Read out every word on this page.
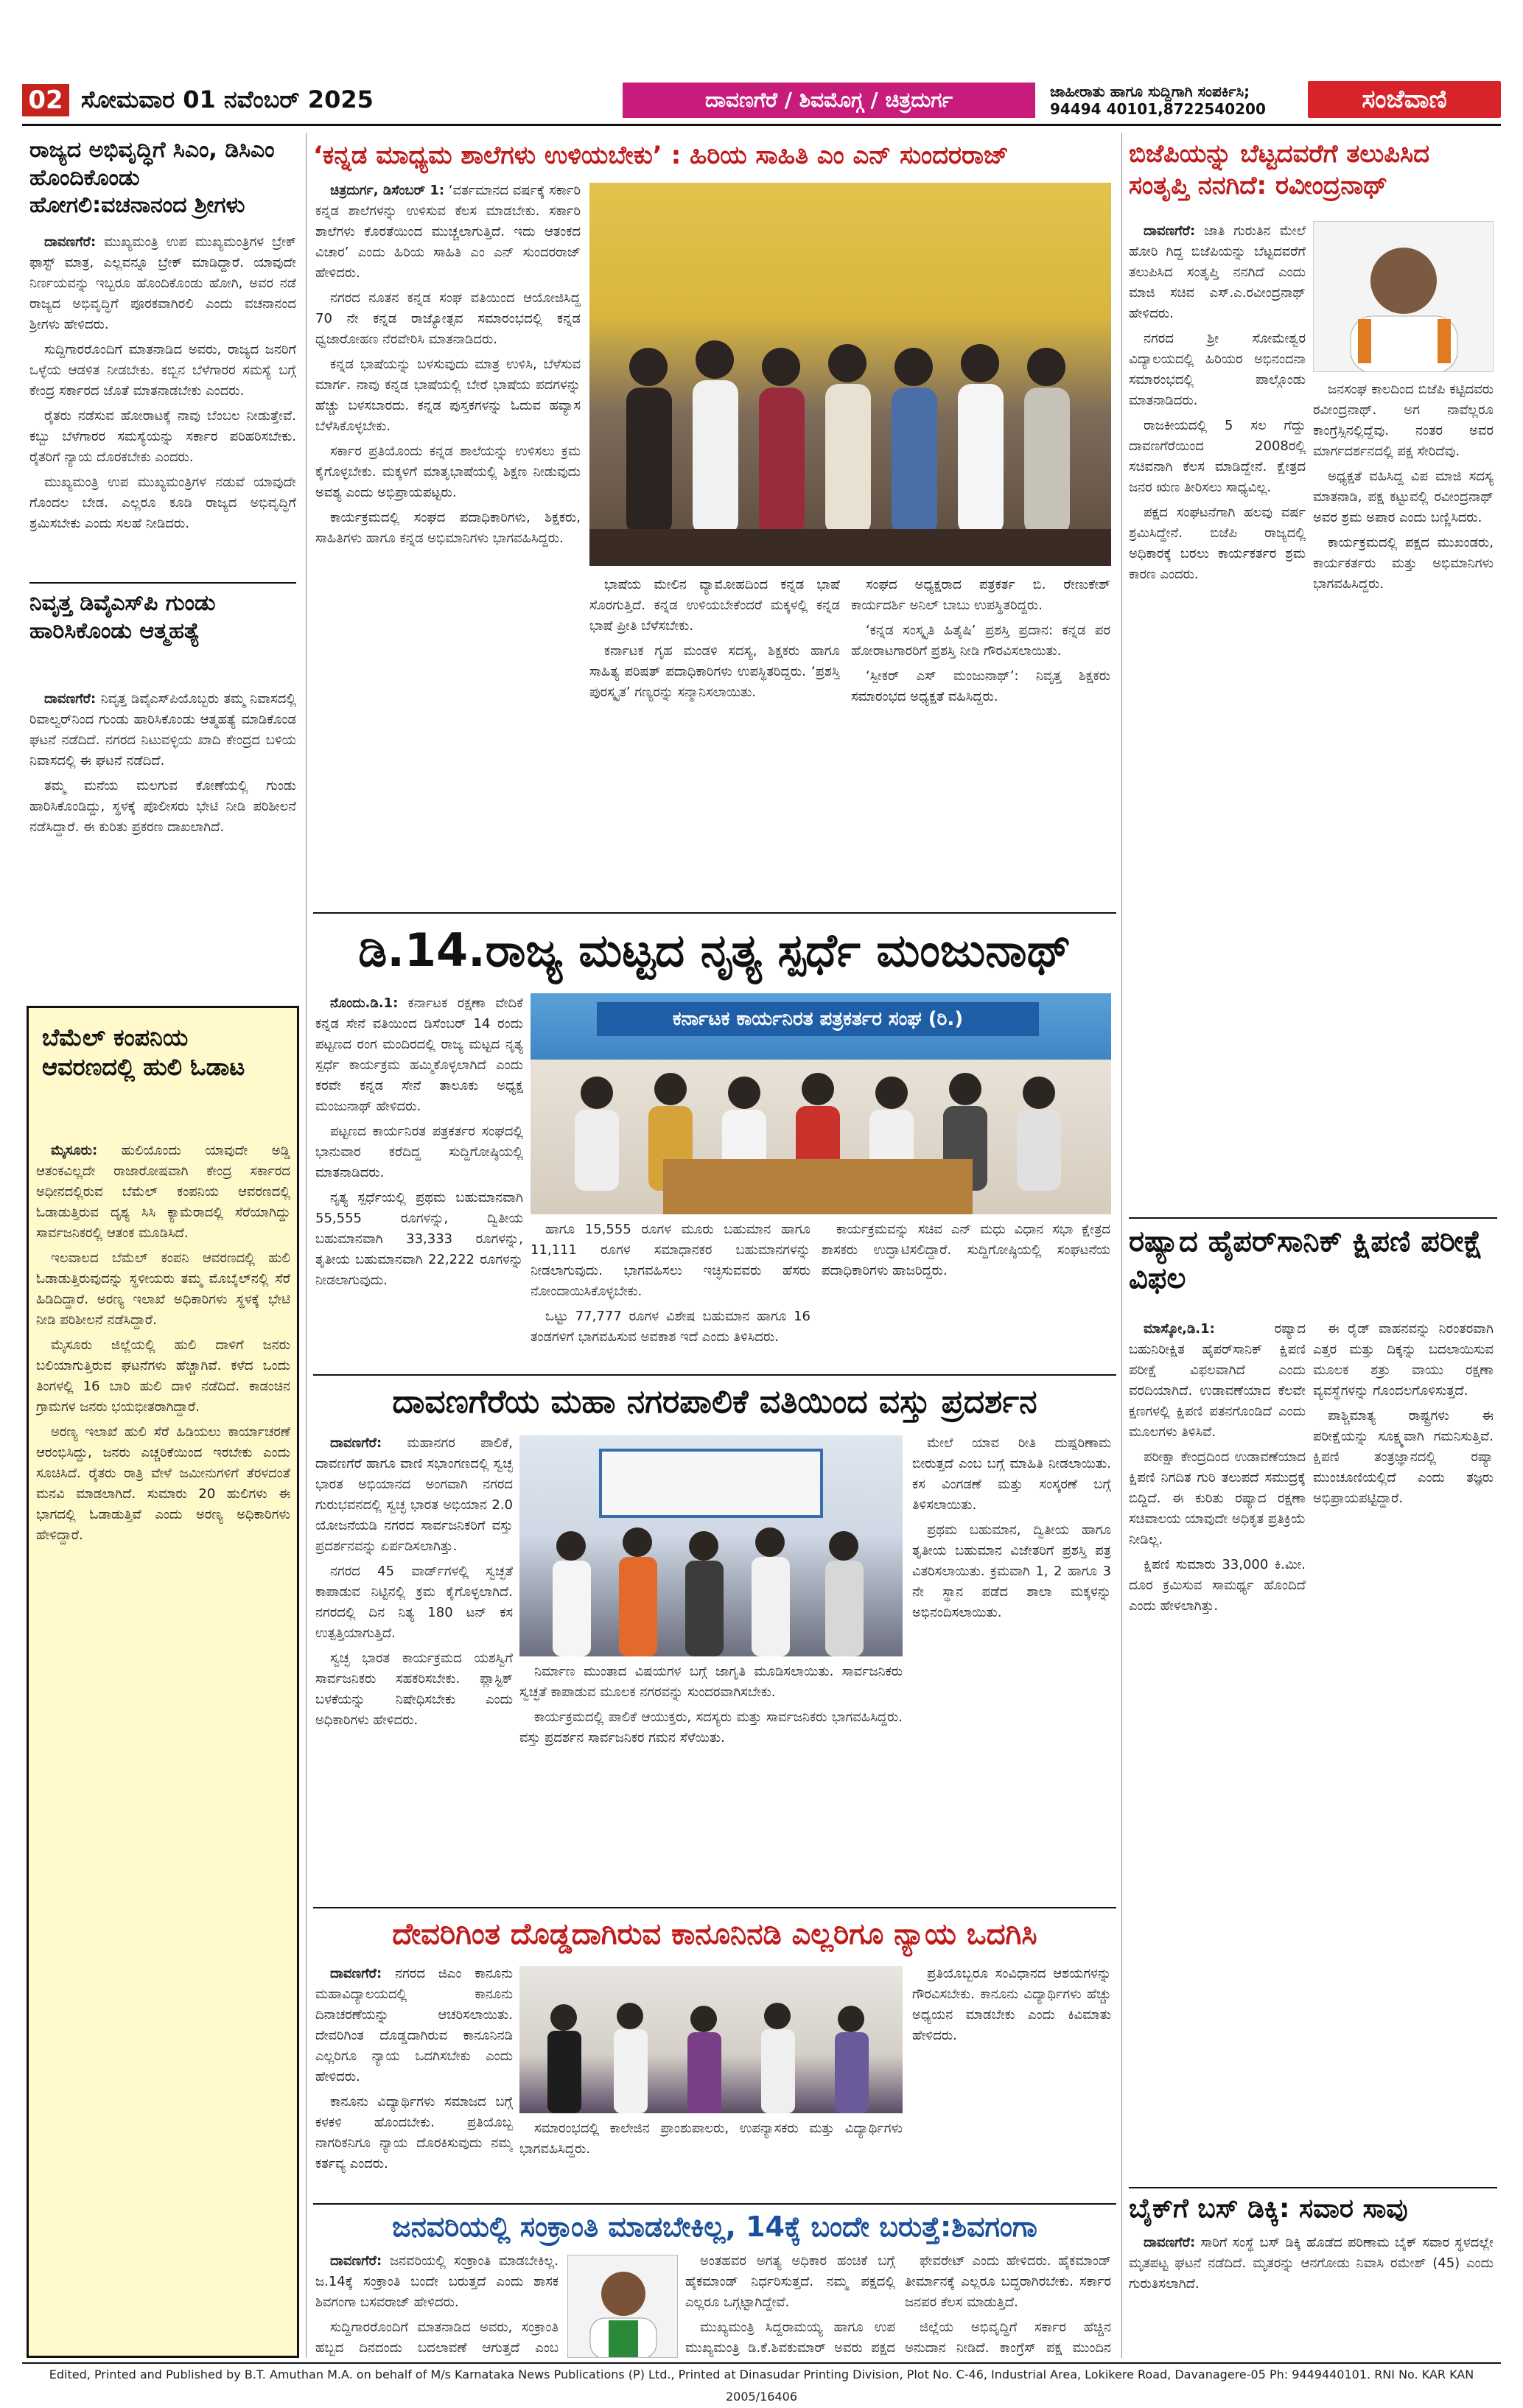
02 ಸೋಮವಾರ 01 ನವೆಂಬರ್ 2025	ದಾವಣಗೆರೆ / ಶಿವಮೊಗ್ಗ / ಚಿತ್ರದುರ್ಗ	ಜಾಹೀರಾತು ಹಾಗೂ ಸುದ್ದಿಗಾಗಿ ಸಂಪರ್ಕಿಸಿ;
94494 40101,8722540200	ಸಂಜೆವಾಣಿ
ರಾಜ್ಯದ ಅಭಿವೃದ್ಧಿಗೆ ಸಿಎಂ, ಡಿಸಿಎಂ ಹೊಂದಿಕೊಂಡು ಹೋಗಲಿ:ವಚನಾನಂದ ಶ್ರೀಗಳು

ದಾವಣಗೆರೆ: ಮುಖ್ಯಮಂತ್ರಿ ಉಪ ಮುಖ್ಯಮಂತ್ರಿಗಳ ಬ್ರೇಕ್ ಫಾಸ್ಟ್ ಮಾತ್ರ, ಎಲ್ಲವನ್ನೂ ಬ್ರೇಕ್ ಮಾಡಿದ್ದಾರೆ. ಯಾವುದೇ ನಿರ್ಣಯವನ್ನು ಇಬ್ಬರೂ ಹೊಂದಿಕೊಂಡು ಹೋಗಿ, ಅವರ ನಡೆ ರಾಜ್ಯದ ಅಭಿವೃದ್ಧಿಗೆ ಪೂರಕವಾಗಿರಲಿ ಎಂದು ವಚನಾನಂದ ಶ್ರೀಗಳು ಹೇಳಿದರು.

ಸುದ್ದಿಗಾರರೊಂದಿಗೆ ಮಾತನಾಡಿದ ಅವರು, ರಾಜ್ಯದ ಜನರಿಗೆ ಒಳ್ಳೆಯ ಆಡಳಿತ ನೀಡಬೇಕು. ಕಬ್ಬಿನ ಬೆಳೆಗಾರರ ಸಮಸ್ಯೆ ಬಗ್ಗೆ ಕೇಂದ್ರ ಸರ್ಕಾರದ ಜೊತೆ ಮಾತನಾಡಬೇಕು ಎಂದರು.

ರೈತರು ನಡೆಸುವ ಹೋರಾಟಕ್ಕೆ ನಾವು ಬೆಂಬಲ ನೀಡುತ್ತೇವೆ. ಕಬ್ಬು ಬೆಳೆಗಾರರ ಸಮಸ್ಯೆಯನ್ನು ಸರ್ಕಾರ ಪರಿಹರಿಸಬೇಕು. ರೈತರಿಗೆ ನ್ಯಾಯ ದೊರಕಬೇಕು ಎಂದರು.

ಮುಖ್ಯಮಂತ್ರಿ ಉಪ ಮುಖ್ಯಮಂತ್ರಿಗಳ ನಡುವೆ ಯಾವುದೇ ಗೊಂದಲ ಬೇಡ. ಎಲ್ಲರೂ ಕೂಡಿ ರಾಜ್ಯದ ಅಭಿವೃದ್ಧಿಗೆ ಶ್ರಮಿಸಬೇಕು ಎಂದು ಸಲಹೆ ನೀಡಿದರು.

ನಿವೃತ್ತ ಡಿವೈಎಸ್‌ಪಿ ಗುಂಡು ಹಾರಿಸಿಕೊಂಡು ಆತ್ಮಹತ್ಯೆ

ದಾವಣಗೆರೆ: ನಿವೃತ್ತ ಡಿವೈಎಸ್‌ಪಿಯೊಬ್ಬರು ತಮ್ಮ ನಿವಾಸದಲ್ಲಿ ರಿವಾಲ್ವರ್‌ನಿಂದ ಗುಂಡು ಹಾರಿಸಿಕೊಂಡು ಆತ್ಮಹತ್ಯೆ ಮಾಡಿಕೊಂಡ ಘಟನೆ ನಡೆದಿದೆ. ನಗರದ ನಿಟುವಳ್ಳಿಯ ಖಾದಿ ಕೇಂದ್ರದ ಬಳಿಯ ನಿವಾಸದಲ್ಲಿ ಈ ಘಟನೆ ನಡೆದಿದೆ.

ತಮ್ಮ ಮನೆಯ ಮಲಗುವ ಕೋಣೆಯಲ್ಲಿ ಗುಂಡು ಹಾರಿಸಿಕೊಂಡಿದ್ದು, ಸ್ಥಳಕ್ಕೆ ಪೊಲೀಸರು ಭೇಟಿ ನೀಡಿ ಪರಿಶೀಲನೆ ನಡೆಸಿದ್ದಾರೆ. ಈ ಕುರಿತು ಪ್ರಕರಣ ದಾಖಲಾಗಿದೆ.

ಬೆಮೆಲ್ ಕಂಪನಿಯ ಆವರಣದಲ್ಲಿ ಹುಲಿ ಓಡಾಟ

ಮೈಸೂರು: ಹುಲಿಯೊಂದು ಯಾವುದೇ ಅಡ್ಡಿ ಆತಂಕವಿಲ್ಲದೇ ರಾಜಾರೋಷವಾಗಿ ಕೇಂದ್ರ ಸರ್ಕಾರದ ಅಧೀನದಲ್ಲಿರುವ ಬೆಮೆಲ್ ಕಂಪನಿಯ ಆವರಣದಲ್ಲಿ ಓಡಾಡುತ್ತಿರುವ ದೃಶ್ಯ ಸಿಸಿ ಕ್ಯಾಮೆರಾದಲ್ಲಿ ಸೆರೆಯಾಗಿದ್ದು ಸಾರ್ವಜನಿಕರಲ್ಲಿ ಆತಂಕ ಮೂಡಿಸಿದೆ.

ಇಲವಾಲದ ಬೆಮೆಲ್ ಕಂಪನಿ ಆವರಣದಲ್ಲಿ ಹುಲಿ ಓಡಾಡುತ್ತಿರುವುದನ್ನು ಸ್ಥಳೀಯರು ತಮ್ಮ ಮೊಬೈಲ್‌ನಲ್ಲಿ ಸೆರೆ ಹಿಡಿದಿದ್ದಾರೆ. ಅರಣ್ಯ ಇಲಾಖೆ ಅಧಿಕಾರಿಗಳು ಸ್ಥಳಕ್ಕೆ ಭೇಟಿ ನೀಡಿ ಪರಿಶೀಲನೆ ನಡೆಸಿದ್ದಾರೆ.

ಮೈಸೂರು ಜಿಲ್ಲೆಯಲ್ಲಿ ಹುಲಿ ದಾಳಿಗೆ ಜನರು ಬಲಿಯಾಗುತ್ತಿರುವ ಘಟನೆಗಳು ಹೆಚ್ಚಾಗಿವೆ. ಕಳೆದ ಒಂದು ತಿಂಗಳಲ್ಲಿ 16 ಬಾರಿ ಹುಲಿ ದಾಳಿ ನಡೆದಿದೆ. ಕಾಡಂಚಿನ ಗ್ರಾಮಗಳ ಜನರು ಭಯಭೀತರಾಗಿದ್ದಾರೆ.

ಅರಣ್ಯ ಇಲಾಖೆ ಹುಲಿ ಸೆರೆ ಹಿಡಿಯಲು ಕಾರ್ಯಾಚರಣೆ ಆರಂಭಿಸಿದ್ದು, ಜನರು ಎಚ್ಚರಿಕೆಯಿಂದ ಇರಬೇಕು ಎಂದು ಸೂಚಿಸಿದೆ. ರೈತರು ರಾತ್ರಿ ವೇಳೆ ಜಮೀನುಗಳಿಗೆ ತೆರಳದಂತೆ ಮನವಿ ಮಾಡಲಾಗಿದೆ. ಸುಮಾರು 20 ಹುಲಿಗಳು ಈ ಭಾಗದಲ್ಲಿ ಓಡಾಡುತ್ತಿವೆ ಎಂದು ಅರಣ್ಯ ಅಧಿಕಾರಿಗಳು ಹೇಳಿದ್ದಾರೆ.

‘ಕನ್ನಡ ಮಾಧ್ಯಮ ಶಾಲೆಗಳು ಉಳಿಯಬೇಕು’ : ಹಿರಿಯ ಸಾಹಿತಿ ಎಂ ಎನ್ ಸುಂದರರಾಜ್

ಚಿತ್ರದುರ್ಗ, ಡಿಸೆಂಬರ್ 1: ‘ವರ್ತಮಾನದ ವರ್ಷಕ್ಕೆ ಸರ್ಕಾರಿ ಕನ್ನಡ ಶಾಲೆಗಳನ್ನು ಉಳಿಸುವ ಕೆಲಸ ಮಾಡಬೇಕು. ಸರ್ಕಾರಿ ಶಾಲೆಗಳು ಕೊರತೆಯಿಂದ ಮುಚ್ಚಲಾಗುತ್ತಿದೆ. ಇದು ಆತಂಕದ ವಿಚಾರ’ ಎಂದು ಹಿರಿಯ ಸಾಹಿತಿ ಎಂ ಎನ್ ಸುಂದರರಾಜ್ ಹೇಳಿದರು.

ನಗರದ ನೂತನ ಕನ್ನಡ ಸಂಘ ವತಿಯಿಂದ ಆಯೋಜಿಸಿದ್ದ 70 ನೇ ಕನ್ನಡ ರಾಜ್ಯೋತ್ಸವ ಸಮಾರಂಭದಲ್ಲಿ ಕನ್ನಡ ಧ್ವಜಾರೋಹಣ ನೆರವೇರಿಸಿ ಮಾತನಾಡಿದರು.

ಕನ್ನಡ ಭಾಷೆಯನ್ನು ಬಳಸುವುದು ಮಾತ್ರ ಉಳಿಸಿ, ಬೆಳೆಸುವ ಮಾರ್ಗ. ನಾವು ಕನ್ನಡ ಭಾಷೆಯಲ್ಲಿ ಬೇರೆ ಭಾಷೆಯ ಪದಗಳನ್ನು ಹೆಚ್ಚು ಬಳಸಬಾರದು. ಕನ್ನಡ ಪುಸ್ತಕಗಳನ್ನು ಓದುವ ಹವ್ಯಾಸ ಬೆಳೆಸಿಕೊಳ್ಳಬೇಕು.

ಸರ್ಕಾರ ಪ್ರತಿಯೊಂದು ಕನ್ನಡ ಶಾಲೆಯನ್ನು ಉಳಿಸಲು ಕ್ರಮ ಕೈಗೊಳ್ಳಬೇಕು. ಮಕ್ಕಳಿಗೆ ಮಾತೃಭಾಷೆಯಲ್ಲಿ ಶಿಕ್ಷಣ ನೀಡುವುದು ಅವಶ್ಯ ಎಂದು ಅಭಿಪ್ರಾಯಪಟ್ಟರು.

ಕಾರ್ಯಕ್ರಮದಲ್ಲಿ ಸಂಘದ ಪದಾಧಿಕಾರಿಗಳು, ಶಿಕ್ಷಕರು, ಸಾಹಿತಿಗಳು ಹಾಗೂ ಕನ್ನಡ ಅಭಿಮಾನಿಗಳು ಭಾಗವಹಿಸಿದ್ದರು.

ಭಾಷೆಯ ಮೇಲಿನ ವ್ಯಾಮೋಹದಿಂದ ಕನ್ನಡ ಭಾಷೆ ಸೊರಗುತ್ತಿದೆ. ಕನ್ನಡ ಉಳಿಯಬೇಕೆಂದರೆ ಮಕ್ಕಳಲ್ಲಿ ಕನ್ನಡ ಭಾಷೆ ಪ್ರೀತಿ ಬೆಳೆಸಬೇಕು.

ಕರ್ನಾಟಕ ಗೃಹ ಮಂಡಳಿ ಸದಸ್ಯ, ಶಿಕ್ಷಕರು ಹಾಗೂ ಸಾಹಿತ್ಯ ಪರಿಷತ್ ಪದಾಧಿಕಾರಿಗಳು ಉಪಸ್ಥಿತರಿದ್ದರು. ‘ಪ್ರಶಸ್ತಿ ಪುರಸ್ಕೃತ’ ಗಣ್ಯರನ್ನು ಸನ್ಮಾನಿಸಲಾಯಿತು.

ಸಂಘದ ಅಧ್ಯಕ್ಷರಾದ ಪತ್ರಕರ್ತ ಬಿ. ರೇಣುಕೇಶ್ ಕಾರ್ಯದರ್ಶಿ ಅನಿಲ್ ಬಾಬು ಉಪಸ್ಥಿತರಿದ್ದರು.

‘ಕನ್ನಡ ಸಂಸ್ಕೃತಿ ಹಿತೈಷಿ’ ಪ್ರಶಸ್ತಿ ಪ್ರದಾನ: ಕನ್ನಡ ಪರ ಹೋರಾಟಗಾರರಿಗೆ ಪ್ರಶಸ್ತಿ ನೀಡಿ ಗೌರವಿಸಲಾಯಿತು.

‘ಸ್ಪೀಕರ್ ಎಸ್ ಮಂಜುನಾಥ್’: ನಿವೃತ್ತ ಶಿಕ್ಷಕರು ಸಮಾರಂಭದ ಅಧ್ಯಕ್ಷತೆ ವಹಿಸಿದ್ದರು.

ಡಿ.14.ರಾಜ್ಯ ಮಟ್ಟದ ನೃತ್ಯ ಸ್ಪರ್ಧೆ ಮಂಜುನಾಥ್

ನೊಂದು.ಡಿ.1: ಕರ್ನಾಟಕ ರಕ್ಷಣಾ ವೇದಿಕೆ ಕನ್ನಡ ಸೇನೆ ವತಿಯಿಂದ ಡಿಸೆಂಬರ್ 14 ರಂದು ಪಟ್ಟಣದ ರಂಗ ಮಂದಿರದಲ್ಲಿ ರಾಜ್ಯ ಮಟ್ಟದ ನೃತ್ಯ ಸ್ಪರ್ಧೆ ಕಾರ್ಯಕ್ರಮ ಹಮ್ಮಿಕೊಳ್ಳಲಾಗಿದೆ ಎಂದು ಕರವೇ ಕನ್ನಡ ಸೇನೆ ತಾಲೂಕು ಅಧ್ಯಕ್ಷ ಮಂಜುನಾಥ್ ಹೇಳಿದರು.

ಪಟ್ಟಣದ ಕಾರ್ಯನಿರತ ಪತ್ರಕರ್ತರ ಸಂಘದಲ್ಲಿ ಭಾನುವಾರ ಕರೆದಿದ್ದ ಸುದ್ದಿಗೋಷ್ಠಿಯಲ್ಲಿ ಮಾತನಾಡಿದರು.

ನೃತ್ಯ ಸ್ಪರ್ಧೆಯಲ್ಲಿ ಪ್ರಥಮ ಬಹುಮಾನವಾಗಿ 55,555 ರೂಗಳನ್ನು, ದ್ವಿತೀಯ ಬಹುಮಾನವಾಗಿ 33,333 ರೂಗಳನ್ನು, ತೃತೀಯ ಬಹುಮಾನವಾಗಿ 22,222 ರೂಗಳನ್ನು ನೀಡಲಾಗುವುದು.

ಕರ್ನಾಟಕ ಕಾರ್ಯನಿರತ ಪತ್ರಕರ್ತರ ಸಂಘ (ರಿ.)

ಹಾಗೂ 15,555 ರೂಗಳ ಮೂರು ಬಹುಮಾನ ಹಾಗೂ 11,111 ರೂಗಳ ಸಮಾಧಾನಕರ ಬಹುಮಾನಗಳನ್ನು ನೀಡಲಾಗುವುದು. ಭಾಗವಹಿಸಲು ಇಚ್ಛಿಸುವವರು ಹೆಸರು ನೋಂದಾಯಿಸಿಕೊಳ್ಳಬೇಕು.

ಒಟ್ಟು 77,777 ರೂಗಳ ವಿಶೇಷ ಬಹುಮಾನ ಹಾಗೂ 16 ತಂಡಗಳಿಗೆ ಭಾಗವಹಿಸುವ ಅವಕಾಶ ಇದೆ ಎಂದು ತಿಳಿಸಿದರು.

ಕಾರ್ಯಕ್ರಮವನ್ನು ಸಚಿವ ಎನ್ ಮಧು ವಿಧಾನ ಸಭಾ ಕ್ಷೇತ್ರದ ಶಾಸಕರು ಉದ್ಘಾಟಿಸಲಿದ್ದಾರೆ. ಸುದ್ದಿಗೋಷ್ಠಿಯಲ್ಲಿ ಸಂಘಟನೆಯ ಪದಾಧಿಕಾರಿಗಳು ಹಾಜರಿದ್ದರು.

ದಾವಣಗೆರೆಯ ಮಹಾ ನಗರಪಾಲಿಕೆ ವತಿಯಿಂದ ವಸ್ತು ಪ್ರದರ್ಶನ

ದಾವಣಗೆರೆ: ಮಹಾನಗರ ಪಾಲಿಕೆ, ದಾವಣಗೆರೆ ಹಾಗೂ ವಾಣಿ ಸಭಾಂಗಣದಲ್ಲಿ ಸ್ವಚ್ಛ ಭಾರತ ಅಭಿಯಾನದ ಅಂಗವಾಗಿ ನಗರದ ಗುರುಭವನದಲ್ಲಿ ಸ್ವಚ್ಛ ಭಾರತ ಅಭಿಯಾನ 2.0 ಯೋಜನೆಯಡಿ ನಗರದ ಸಾರ್ವಜನಿಕರಿಗೆ ವಸ್ತು ಪ್ರದರ್ಶನವನ್ನು ಏರ್ಪಡಿಸಲಾಗಿತ್ತು.

ನಗರದ 45 ವಾರ್ಡ್‌ಗಳಲ್ಲಿ ಸ್ವಚ್ಛತೆ ಕಾಪಾಡುವ ನಿಟ್ಟಿನಲ್ಲಿ ಕ್ರಮ ಕೈಗೊಳ್ಳಲಾಗಿದೆ. ನಗರದಲ್ಲಿ ದಿನ ನಿತ್ಯ 180 ಟನ್ ಕಸ ಉತ್ಪತ್ತಿಯಾಗುತ್ತಿದೆ.

ಸ್ವಚ್ಛ ಭಾರತ ಕಾರ್ಯಕ್ರಮದ ಯಶಸ್ವಿಗೆ ಸಾರ್ವಜನಿಕರು ಸಹಕರಿಸಬೇಕು. ಪ್ಲಾಸ್ಟಿಕ್ ಬಳಕೆಯನ್ನು ನಿಷೇಧಿಸಬೇಕು ಎಂದು ಅಧಿಕಾರಿಗಳು ಹೇಳಿದರು.

ನಿರ್ಮಾಣ ಮುಂತಾದ ವಿಷಯಗಳ ಬಗ್ಗೆ ಜಾಗೃತಿ ಮೂಡಿಸಲಾಯಿತು. ಸಾರ್ವಜನಿಕರು ಸ್ವಚ್ಛತೆ ಕಾಪಾಡುವ ಮೂಲಕ ನಗರವನ್ನು ಸುಂದರವಾಗಿಸಬೇಕು.

ಕಾರ್ಯಕ್ರಮದಲ್ಲಿ ಪಾಲಿಕೆ ಆಯುಕ್ತರು, ಸದಸ್ಯರು ಮತ್ತು ಸಾರ್ವಜನಿಕರು ಭಾಗವಹಿಸಿದ್ದರು. ವಸ್ತು ಪ್ರದರ್ಶನ ಸಾರ್ವಜನಿಕರ ಗಮನ ಸೆಳೆಯಿತು.

ಮೇಲೆ ಯಾವ ರೀತಿ ದುಷ್ಪರಿಣಾಮ ಬೀರುತ್ತದೆ ಎಂಬ ಬಗ್ಗೆ ಮಾಹಿತಿ ನೀಡಲಾಯಿತು. ಕಸ ವಿಂಗಡಣೆ ಮತ್ತು ಸಂಸ್ಕರಣೆ ಬಗ್ಗೆ ತಿಳಿಸಲಾಯಿತು.

ಪ್ರಥಮ ಬಹುಮಾನ, ದ್ವಿತೀಯ ಹಾಗೂ ತೃತೀಯ ಬಹುಮಾನ ವಿಜೇತರಿಗೆ ಪ್ರಶಸ್ತಿ ಪತ್ರ ವಿತರಿಸಲಾಯಿತು. ಕ್ರಮವಾಗಿ 1, 2 ಹಾಗೂ 3 ನೇ ಸ್ಥಾನ ಪಡೆದ ಶಾಲಾ ಮಕ್ಕಳನ್ನು ಅಭಿನಂದಿಸಲಾಯಿತು.

ದೇವರಿಗಿಂತ ದೊಡ್ಡದಾಗಿರುವ ಕಾನೂನಿನಡಿ ಎಲ್ಲರಿಗೂ ನ್ಯಾಯ ಒದಗಿಸಿ

ದಾವಣಗೆರೆ: ನಗರದ ಜಿಎಂ ಕಾನೂನು ಮಹಾವಿದ್ಯಾಲಯದಲ್ಲಿ ಕಾನೂನು ದಿನಾಚರಣೆಯನ್ನು ಆಚರಿಸಲಾಯಿತು. ದೇವರಿಗಿಂತ ದೊಡ್ಡದಾಗಿರುವ ಕಾನೂನಿನಡಿ ಎಲ್ಲರಿಗೂ ನ್ಯಾಯ ಒದಗಿಸಬೇಕು ಎಂದು ಹೇಳಿದರು.

ಕಾನೂನು ವಿದ್ಯಾರ್ಥಿಗಳು ಸಮಾಜದ ಬಗ್ಗೆ ಕಳಕಳಿ ಹೊಂದಬೇಕು. ಪ್ರತಿಯೊಬ್ಬ ನಾಗರಿಕನಿಗೂ ನ್ಯಾಯ ದೊರಕಿಸುವುದು ನಮ್ಮ ಕರ್ತವ್ಯ ಎಂದರು.

ಸಮಾರಂಭದಲ್ಲಿ ಕಾಲೇಜಿನ ಪ್ರಾಂಶುಪಾಲರು, ಉಪನ್ಯಾಸಕರು ಮತ್ತು ವಿದ್ಯಾರ್ಥಿಗಳು ಭಾಗವಹಿಸಿದ್ದರು.

ಪ್ರತಿಯೊಬ್ಬರೂ ಸಂವಿಧಾನದ ಆಶಯಗಳನ್ನು ಗೌರವಿಸಬೇಕು. ಕಾನೂನು ವಿದ್ಯಾರ್ಥಿಗಳು ಹೆಚ್ಚು ಅಧ್ಯಯನ ಮಾಡಬೇಕು ಎಂದು ಕಿವಿಮಾತು ಹೇಳಿದರು.

ಜನವರಿಯಲ್ಲಿ ಸಂಕ್ರಾಂತಿ ಮಾಡಬೇಕಿಲ್ಲ, 14ಕ್ಕೆ ಬಂದೇ ಬರುತ್ತೆ:ಶಿವಗಂಗಾ

ದಾವಣಗೆರೆ: ಜನವರಿಯಲ್ಲಿ ಸಂಕ್ರಾಂತಿ ಮಾಡಬೇಕಿಲ್ಲ. ಜ.14ಕ್ಕೆ ಸಂಕ್ರಾಂತಿ ಬಂದೇ ಬರುತ್ತದೆ ಎಂದು ಶಾಸಕ ಶಿವಗಂಗಾ ಬಸವರಾಜ್ ಹೇಳಿದರು.

ಸುದ್ದಿಗಾರರೊಂದಿಗೆ ಮಾತನಾಡಿದ ಅವರು, ಸಂಕ್ರಾಂತಿ ಹಬ್ಬದ ದಿನದಂದು ಬದಲಾವಣೆ ಆಗುತ್ತದೆ ಎಂಬ

ಅಂತಹವರ ಅಗತ್ಯ ಅಧಿಕಾರ ಹಂಚಿಕೆ ಬಗ್ಗೆ ಹೈಕಮಾಂಡ್ ನಿರ್ಧರಿಸುತ್ತದೆ. ನಮ್ಮ ಪಕ್ಷದಲ್ಲಿ ಎಲ್ಲರೂ ಒಗ್ಗಟ್ಟಾಗಿದ್ದೇವೆ.

ಮುಖ್ಯಮಂತ್ರಿ ಸಿದ್ದರಾಮಯ್ಯ ಹಾಗೂ ಉಪ ಮುಖ್ಯಮಂತ್ರಿ ಡಿ.ಕೆ.ಶಿವಕುಮಾರ್ ಅವರು ಪಕ್ಷದ

ಫೇವರೇಟ್ ಎಂದು ಹೇಳಿದರು. ಹೈಕಮಾಂಡ್ ತೀರ್ಮಾನಕ್ಕೆ ಎಲ್ಲರೂ ಬದ್ಧರಾಗಿರಬೇಕು. ಸರ್ಕಾರ ಜನಪರ ಕೆಲಸ ಮಾಡುತ್ತಿದೆ.

ಜಿಲ್ಲೆಯ ಅಭಿವೃದ್ಧಿಗೆ ಸರ್ಕಾರ ಹೆಚ್ಚಿನ ಅನುದಾನ ನೀಡಿದೆ. ಕಾಂಗ್ರೆಸ್ ಪಕ್ಷ ಮುಂದಿನ

ಬಿಜೆಪಿಯನ್ನು ಬೆಟ್ಟದವರೆಗೆ ತಲುಪಿಸಿದ ಸಂತೃಪ್ತಿ ನನಗಿದೆ: ರವೀಂದ್ರನಾಥ್

ದಾವಣಗೆರೆ: ಜಾತಿ ಗುರುತಿನ ಮೇಲೆ ಹೋರಿ ಗಿದ್ದ ಬಿಜೆಪಿಯನ್ನು ಬೆಟ್ಟದವರೆಗೆ ತಲುಪಿಸಿದ ಸಂತೃಪ್ತಿ ನನಗಿದೆ ಎಂದು ಮಾಜಿ ಸಚಿವ ಎಸ್.ಎ.ರವೀಂದ್ರನಾಥ್ ಹೇಳಿದರು.

ನಗರದ ಶ್ರೀ ಸೋಮೇಶ್ವರ ವಿದ್ಯಾಲಯದಲ್ಲಿ ಹಿರಿಯರ ಅಭಿನಂದನಾ ಸಮಾರಂಭದಲ್ಲಿ ಪಾಲ್ಗೊಂಡು ಮಾತನಾಡಿದರು.

ರಾಜಕೀಯದಲ್ಲಿ 5 ಸಲ ಗೆದ್ದು ದಾವಣಗೆರೆಯಿಂದ 2008ರಲ್ಲಿ ಸಚಿವನಾಗಿ ಕೆಲಸ ಮಾಡಿದ್ದೇನೆ. ಕ್ಷೇತ್ರದ ಜನರ ಋಣ ತೀರಿಸಲು ಸಾಧ್ಯವಿಲ್ಲ.

ಪಕ್ಷದ ಸಂಘಟನೆಗಾಗಿ ಹಲವು ವರ್ಷ ಶ್ರಮಿಸಿದ್ದೇನೆ. ಬಿಜೆಪಿ ರಾಜ್ಯದಲ್ಲಿ ಅಧಿಕಾರಕ್ಕೆ ಬರಲು ಕಾರ್ಯಕರ್ತರ ಶ್ರಮ ಕಾರಣ ಎಂದರು.

ಜನಸಂಘ ಕಾಲದಿಂದ ಬಿಜೆಪಿ ಕಟ್ಟಿದವರು ರವೀಂದ್ರನಾಥ್. ಅಗ ನಾವೆಲ್ಲರೂ ಕಾಂಗ್ರೆಸ್ಸಿನಲ್ಲಿದ್ದೆವು. ನಂತರ ಅವರ ಮಾರ್ಗದರ್ಶನದಲ್ಲಿ ಪಕ್ಷ ಸೇರಿದೆವು.

ಅಧ್ಯಕ್ಷತೆ ವಹಿಸಿದ್ದ ವಿಪ ಮಾಜಿ ಸದಸ್ಯ ಮಾತನಾಡಿ, ಪಕ್ಷ ಕಟ್ಟುವಲ್ಲಿ ರವೀಂದ್ರನಾಥ್ ಅವರ ಶ್ರಮ ಅಪಾರ ಎಂದು ಬಣ್ಣಿಸಿದರು.

ಕಾರ್ಯಕ್ರಮದಲ್ಲಿ ಪಕ್ಷದ ಮುಖಂಡರು, ಕಾರ್ಯಕರ್ತರು ಮತ್ತು ಅಭಿಮಾನಿಗಳು ಭಾಗವಹಿಸಿದ್ದರು.

ರಷ್ಯಾದ ಹೈಪರ್‌ಸಾನಿಕ್ ಕ್ಷಿಪಣಿ ಪರೀಕ್ಷೆ ವಿಫಲ

ಮಾಸ್ಕೋ,ಡಿ.1:	ರಷ್ಯಾದ ಬಹುನಿರೀಕ್ಷಿತ ಹೈಪರ್‌ಸಾನಿಕ್ ಕ್ಷಿಪಣಿ ಪರೀಕ್ಷೆ ವಿಫಲವಾಗಿದೆ ಎಂದು ವರದಿಯಾಗಿದೆ. ಉಡಾವಣೆಯಾದ ಕೆಲವೇ ಕ್ಷಣಗಳಲ್ಲಿ ಕ್ಷಿಪಣಿ ಪತನಗೊಂಡಿದೆ ಎಂದು ಮೂಲಗಳು ತಿಳಿಸಿವೆ.

ಪರೀಕ್ಷಾ ಕೇಂದ್ರದಿಂದ ಉಡಾವಣೆಯಾದ ಕ್ಷಿಪಣಿ ನಿಗದಿತ ಗುರಿ ತಲುಪದೆ ಸಮುದ್ರಕ್ಕೆ ಬಿದ್ದಿದೆ. ಈ ಕುರಿತು ರಷ್ಯಾದ ರಕ್ಷಣಾ ಸಚಿವಾಲಯ ಯಾವುದೇ ಅಧಿಕೃತ ಪ್ರತಿಕ್ರಿಯೆ ನೀಡಿಲ್ಲ.

ಕ್ಷಿಪಣಿ ಸುಮಾರು 33,000 ಕಿ.ಮೀ. ದೂರ ಕ್ರಮಿಸುವ ಸಾಮರ್ಥ್ಯ ಹೊಂದಿದೆ ಎಂದು ಹೇಳಲಾಗಿತ್ತು.

ಈ ರೈಡ್ ವಾಹನವನ್ನು ನಿರಂತರವಾಗಿ ಎತ್ತರ ಮತ್ತು ದಿಕ್ಕನ್ನು ಬದಲಾಯಿಸುವ ಮೂಲಕ ಶತ್ರು ವಾಯು ರಕ್ಷಣಾ ವ್ಯವಸ್ಥೆಗಳನ್ನು ಗೊಂದಲಗೊಳಿಸುತ್ತದೆ.

ಪಾಶ್ಚಿಮಾತ್ಯ ರಾಷ್ಟ್ರಗಳು ಈ ಪರೀಕ್ಷೆಯನ್ನು ಸೂಕ್ಷ್ಮವಾಗಿ ಗಮನಿಸುತ್ತಿವೆ. ಕ್ಷಿಪಣಿ ತಂತ್ರಜ್ಞಾನದಲ್ಲಿ ರಷ್ಯಾ ಮುಂಚೂಣಿಯಲ್ಲಿದೆ ಎಂದು ತಜ್ಞರು ಅಭಿಪ್ರಾಯಪಟ್ಟಿದ್ದಾರೆ.

ಬೈಕ್‌ಗೆ ಬಸ್ ಡಿಕ್ಕಿ: ಸವಾರ ಸಾವು

ದಾವಣಗೆರೆ: ಸಾರಿಗೆ ಸಂಸ್ಥೆ ಬಸ್ ಡಿಕ್ಕಿ ಹೊಡೆದ ಪರಿಣಾಮ ಬೈಕ್ ಸವಾರ ಸ್ಥಳದಲ್ಲೇ ಮೃತಪಟ್ಟ ಘಟನೆ ನಡೆದಿದೆ. ಮೃತರನ್ನು ಆನಗೋಡು ನಿವಾಸಿ ರಮೇಶ್ (45) ಎಂದು ಗುರುತಿಸಲಾಗಿದೆ.

Edited, Printed and Published by B.T. Amuthan M.A. on behalf of M/s Karnataka News Publications (P) Ltd., Printed at Dinasudar Printing Division, Plot No. C-46, Industrial Area, Lokikere Road, Davanagere-05 Ph: 9449440101. RNI No. KAR KAN 2005/16406
